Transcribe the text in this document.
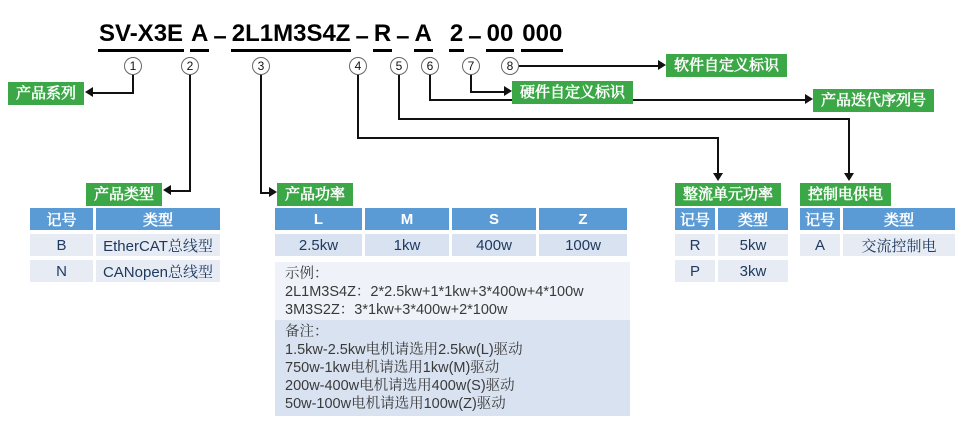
SV-X3E A – 2L1M3S4Z – R – A 2 – 00 000
1	2	3	4	5	6	7	8
产品系列
软件自定义标识
硬件自定义标识	产品迭代序列号
产品类型	产品功率	整流单元功率	控制电供电
记号	类型
B	EtherCAT总线型
N	CANopen总线型
L	M	S	Z
2.5kw	1kw	400w	100w
示例：
2L1M3S4Z：2*2.5kw+1*1kw+3*400w+4*100w
3M3S2Z：3*1kw+3*400w+2*100w
备注：
1.5kw-2.5kw电机请选用2.5kw(L)驱动
750w-1kw电机请选用1kw(M)驱动
200w-400w电机请选用400w(S)驱动
50w-100w电机请选用100w(Z)驱动
记号	类型
R	5kw
P	3kw
记号	类型
A	交流控制电
